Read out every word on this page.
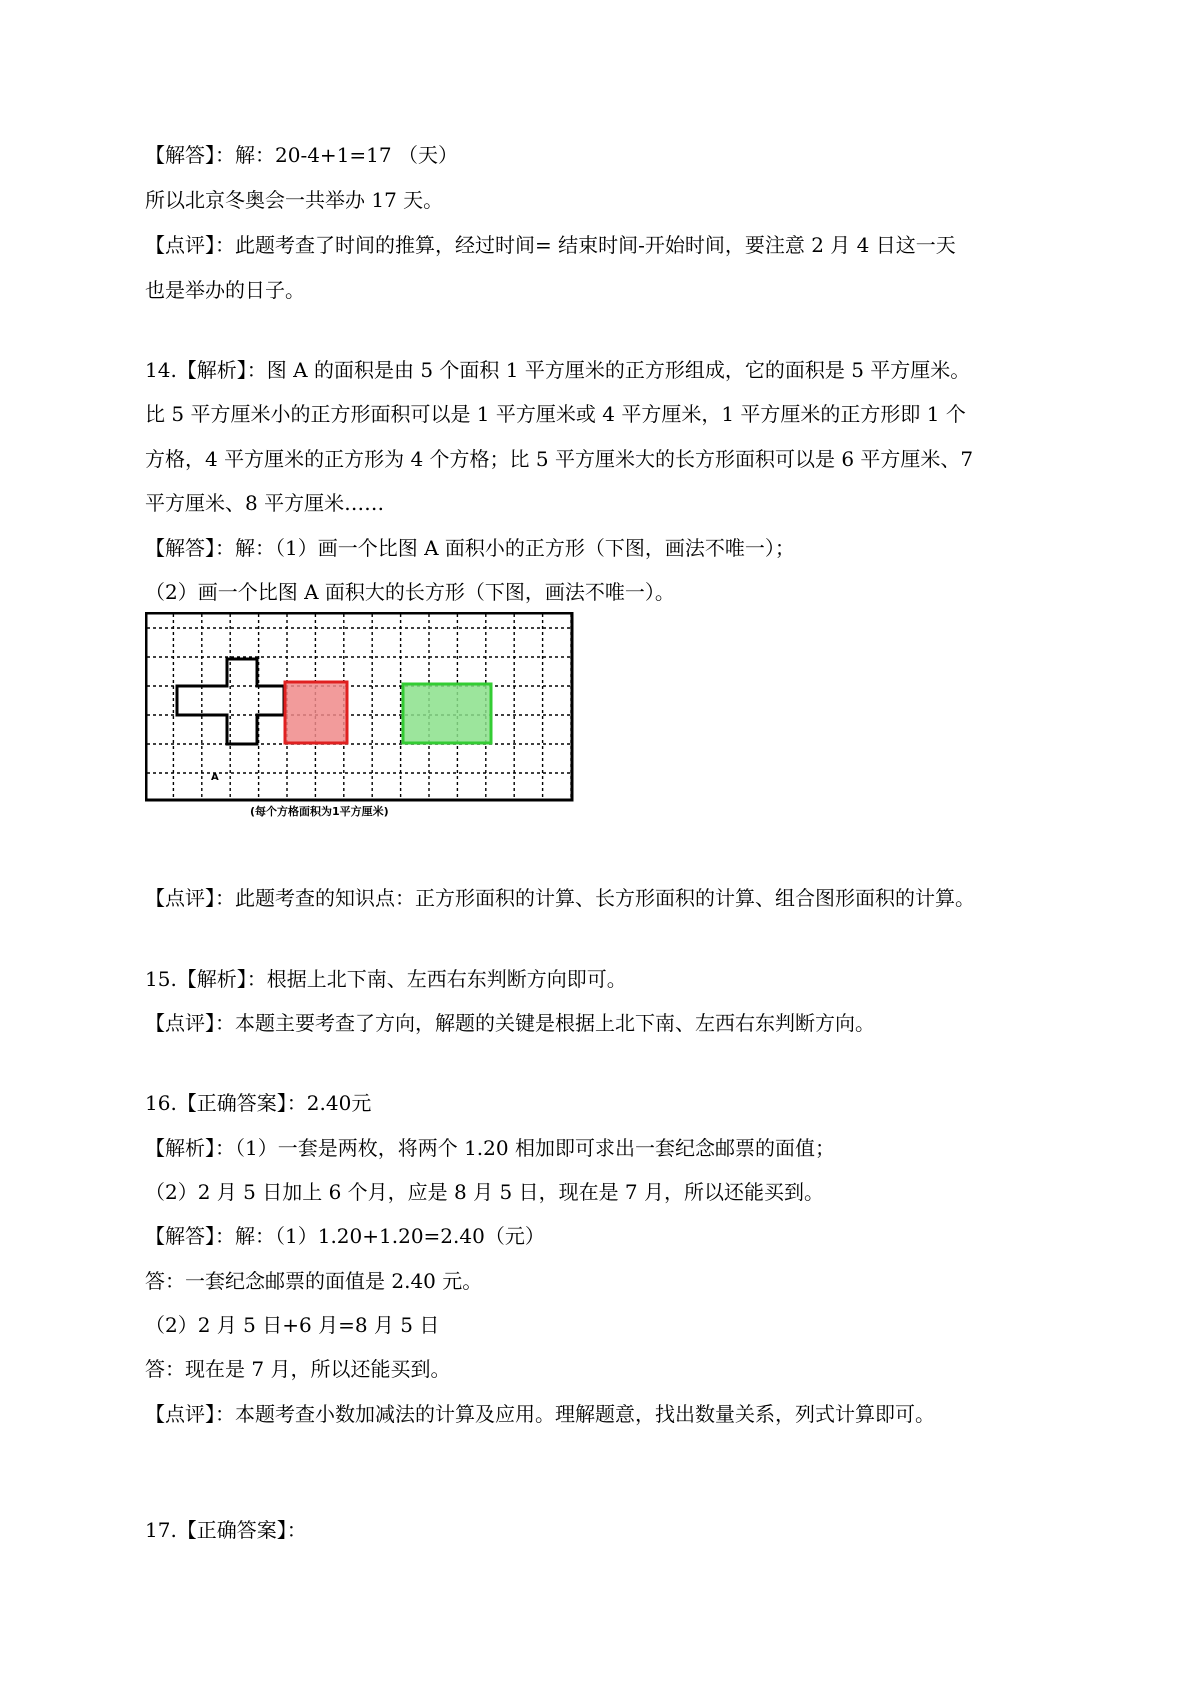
【解答】：解：20-4+1=17 （天）
所以北京冬奥会一共举办 17 天。
【点评】：此题考查了时间的推算，经过时间= 结束时间-开始时间，要注意 2 月 4 日这一天
也是举办的日子。
14.【解析】：图 A 的面积是由 5 个面积 1 平方厘米的正方形组成，它的面积是 5 平方厘米。
比 5 平方厘米小的正方形面积可以是 1 平方厘米或 4 平方厘米，1 平方厘米的正方形即 1 个
方格，4 平方厘米的正方形为 4 个方格；比 5 平方厘米大的长方形面积可以是 6 平方厘米、7
平方厘米、8 平方厘米……
【解答】：解：（1）画一个比图 A 面积小的正方形（下图，画法不唯一）；
（2）画一个比图 A 面积大的长方形（下图，画法不唯一）。
A
(每个方格面积为1平方厘米)
【点评】：此题考查的知识点：正方形面积的计算、长方形面积的计算、组合图形面积的计算。
15.【解析】：根据上北下南、左西右东判断方向即可。
【点评】：本题主要考查了方向，解题的关键是根据上北下南、左西右东判断方向。
16.【正确答案】：2.40元
【解析】：（1）一套是两枚，将两个 1.20 相加即可求出一套纪念邮票的面值；
（2）2 月 5 日加上 6 个月，应是 8 月 5 日，现在是 7 月，所以还能买到。
【解答】：解：（1）1.20+1.20=2.40（元）
答：一套纪念邮票的面值是 2.40 元。
（2）2 月 5 日+6 月=8 月 5 日
答：现在是 7 月，所以还能买到。
【点评】：本题考查小数加减法的计算及应用。理解题意，找出数量关系，列式计算即可。
17.【正确答案】：
